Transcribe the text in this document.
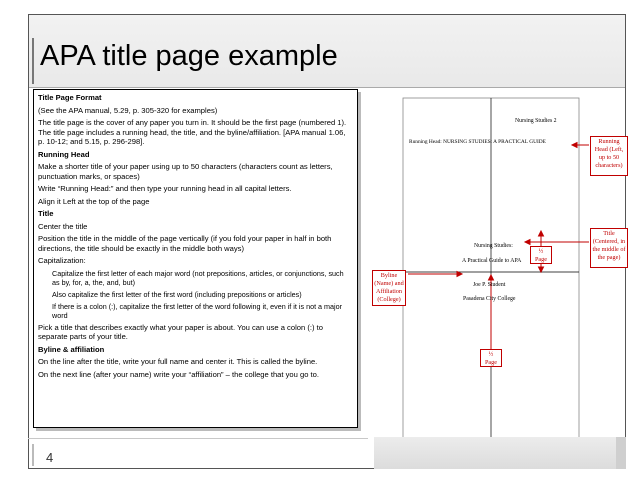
APA title page example

Title Page Format

(See the APA manual, 5.29, p. 305-320 for examples)

The title page is the cover of any paper you turn in. It should be the first page (numbered 1). The title page includes a running head, the title, and the byline/affiliation. [APA manual 1.06, p. 10-12; and 5.15, p. 296-298].

Running Head

Make a shorter title of your paper using up to 50 characters (characters count as letters, punctuation marks, or spaces)

Write “Running Head:” and then type your running head in all capital letters.

Align it Left at the top of the page

Title

Center the title

Position the title in the middle of the page vertically (if you fold your paper in half in both directions, the title should be exactly in the middle both ways)

Capitalization:

Capitalize the first letter of each major word (not prepositions, articles, or conjunctions, such as by, for, a, the, and, but)

Also capitalize the first letter of the first word (including prepositions or articles)

If there is a colon (:), capitalize the first letter of the word following it, even if it is not a major word

Pick a title that describes exactly what your paper is about. You can use a colon (:) to separate parts of your title.

Byline & affiliation

On the line after the title, write your full name and center it. This is called the byline.

On the next line (after your name) write your “affiliation” – the college that you go to.

Nursing Studies 2
Running Head: NURSING STUDIES: A PRACTICAL GUIDE
Nursing Studies:
A Practical Guide to APA
Joe P. Student
Pasadena City College
Running Head (Left, up to 50 characters)
Title (Centered, in the middle of the page)
½ Page
Byline (Name) and Affiliation (College)
½ Page
4
